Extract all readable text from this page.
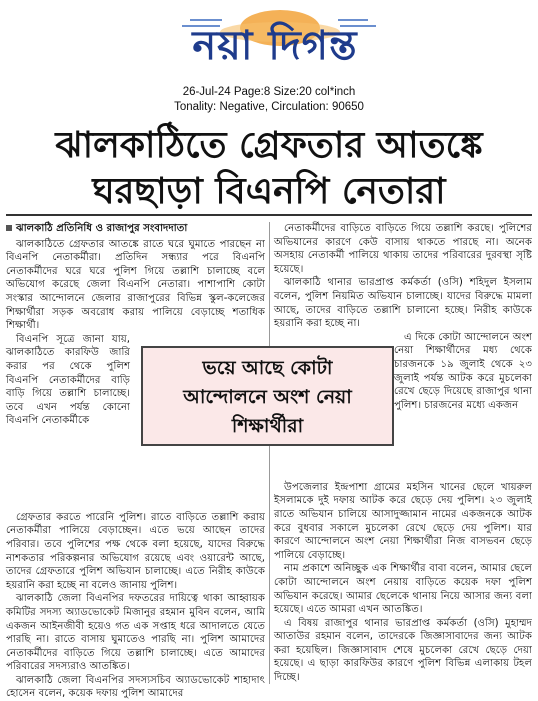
নয়া দিগন্ত
26-Jul-24 Page:8 Size:20 col*inch
Tonality: Negative, Circulation: 90650
ঝালকাঠিতে গ্রেফতার আতঙ্কে
ঘরছাড়া বিএনপি নেতারা
ঝালকাঠি প্রতিনিধি ও রাজাপুর সংবাদদাতা

ঝালকাঠিতে গ্রেফতার আতঙ্কে রাতে ঘরে ঘুমাতে পারছেন না বিএনপি নেতাকর্মীরা। প্রতিদিন সন্ধ্যার পরে বিএনপি নেতাকর্মীদের ঘরে ঘরে পুলিশ গিয়ে তল্লাশি চালাচ্ছে বলে অভিযোগ করেছে জেলা বিএনপি নেতারা। পাশাপাশি কোটা সংস্কার আন্দোলনে জেলার রাজাপুরের বিভিন্ন স্কুল-কলেজের শিক্ষার্থীরা সড়ক অবরোধ করায় পালিয়ে বেড়াচ্ছে শতাধিক শিক্ষার্থী।

বিএনপি সূত্রে জানা যায়, ঝালকাঠিতে কারফিউ জারি করার পর থেকে পুলিশ বিএনপি নেতাকর্মীদের বাড়ি বাড়ি গিয়ে তল্লাশি চালাচ্ছে। তবে এখন পর্যন্ত কোনো বিএনপি নেতাকর্মীকে

গ্রেফতার করতে পারেনি পুলিশ। রাতে বাড়িতে তল্লাশি করায় নেতাকর্মীরা পালিয়ে বেড়াচ্ছেন। এতে ভয়ে আছেন তাদের পরিবার। তবে পুলিশের পক্ষ থেকে বলা হয়েছে, যাদের বিরুদ্ধে নাশকতার পরিকল্পনার অভিযোগ রয়েছে এবং ওয়ারেন্ট আছে, তাদের গ্রেফতারে পুলিশ অভিযান চালাচ্ছে। এতে নিরীহ কাউকে হয়রানি করা হচ্ছে না বলেও জানায় পুলিশ।

ঝালকাঠি জেলা বিএনপির দফতরের দায়িত্বে থাকা আহ্বায়ক কমিটির সদস্য অ্যাডভোকেট মিজানুর রহমান মুবিন বলেন, আমি একজন আইনজীবী হয়েও গত এক সপ্তাহ ধরে আদালতে যেতে পারছি না। রাতে বাসায় ঘুমাতেও পারছি না। পুলিশ আমাদের নেতাকর্মীদের বাড়িতে গিয়ে তল্লাশি চালাচ্ছে। এতে আমাদের পরিবারের সদস্যরাও আতঙ্কিত।

ঝালকাঠি জেলা বিএনপির সদস্যসচিব অ্যাডভোকেট শাহাদাৎ হোসেন বলেন, কয়েক দফায় পুলিশ আমাদের

নেতাকর্মীদের বাড়িতে বাড়িতে গিয়ে তল্লাশি করছে। পুলিশের অভিযানের কারণে কেউ বাসায় থাকতে পারছে না। অনেক অসহায় নেতাকর্মী পালিয়ে থাকায় তাদের পরিবারের দুরবস্থা সৃষ্টি হয়েছে।

ঝালকাঠি থানার ভারপ্রাপ্ত কর্মকর্তা (ওসি) শহিদুল ইসলাম বলেন, পুলিশ নিয়মিত অভিযান চালাচ্ছে। যাদের বিরুদ্ধে মামলা আছে, তাদের বাড়িতে তল্লাশি চালানো হচ্ছে। নিরীহ কাউকে হয়রানি করা হচ্ছে না।

এ দিকে কোটা আন্দোলনে অংশ নেয়া শিক্ষার্থীদের মধ্য থেকে চারজনকে ১৯ জুলাই থেকে ২৩ জুলাই পর্যন্ত আটক করে মুচলেকা রেখে ছেড়ে দিয়েছে রাজাপুর থানা পুলিশ। চারজনের মধ্যে একজন

উপজেলার ইন্দ্রপাশা গ্রামের মহসিন খানের ছেলে খায়রুল ইসলামকে দুই দফায় আটক করে ছেড়ে দেয় পুলিশ। ২৩ জুলাই রাতে অভিযান চালিয়ে আসাদুজ্জামান নামের একজনকে আটক করে বুধবার সকালে মুচলেকা রেখে ছেড়ে দেয় পুলিশ। যার কারণে আন্দোলনে অংশ নেয়া শিক্ষার্থীরা নিজ বাসভবন ছেড়ে পালিয়ে বেড়াচ্ছে।

নাম প্রকাশে অনিচ্ছুক এক শিক্ষার্থীর বাবা বলেন, আমার ছেলে কোটা আন্দোলনে অংশ নেয়ায় বাড়িতে কয়েক দফা পুলিশ অভিযান করেছে। আমার ছেলেকে থানায় নিয়ে আসার জন্য বলা হয়েছে। এতে আমরা এখন আতঙ্কিত।

এ বিষয় রাজাপুর থানার ভারপ্রাপ্ত কর্মকর্তা (ওসি) মুহাম্মদ আতাউর রহমান বলেন, তাদেরকে জিজ্ঞাসাবাদের জন্য আটক করা হয়েছিল। জিজ্ঞাসাবাদ শেষে মুচলেকা রেখে ছেড়ে দেয়া হয়েছে। এ ছাড়া কারফিউর কারণে পুলিশ বিভিন্ন এলাকায় টহল দিচ্ছে।

ভয়ে আছে কোটা
আন্দোলনে অংশ নেয়া
শিক্ষার্থীরা
